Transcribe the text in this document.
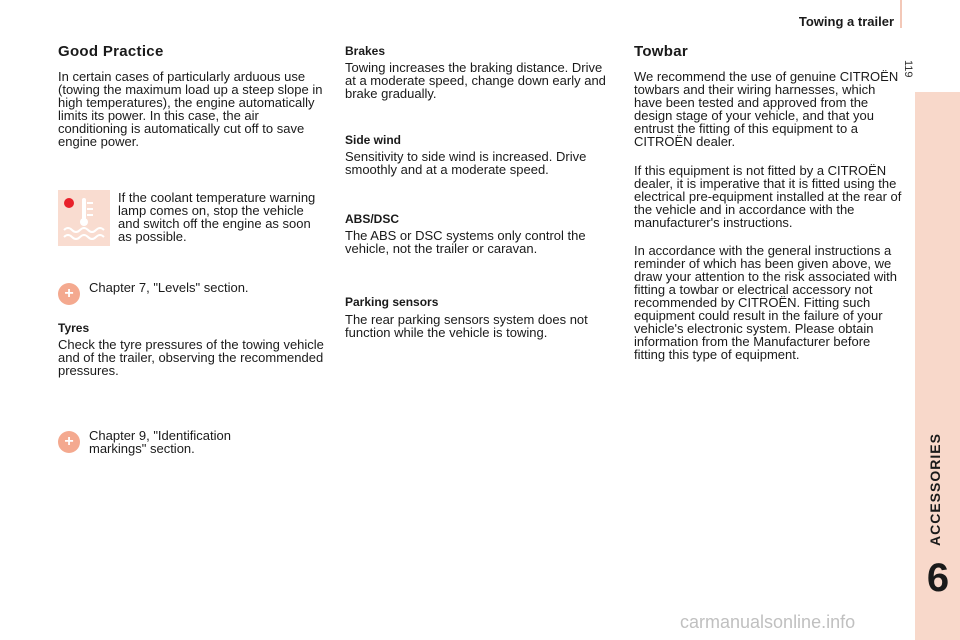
Towing a trailer
119
ACCESSORIES
6
Good Practice

In certain cases of particularly arduous use (towing the maximum load up a steep slope in high temperatures), the engine automatically limits its power. In this case, the air conditioning is automatically cut off to save engine power.

If the coolant temperature warning lamp comes on, stop the vehicle and switch off the engine as soon as possible.

+ Chapter 7, "Levels" section.

Tyres

Check the tyre pressures of the towing vehicle and of the trailer, observing the recommended pressures.

+ Chapter 9, "Identification markings" section.

Brakes

Towing increases the braking distance. Drive at a moderate speed, change down early and brake gradually.

Side wind

Sensitivity to side wind is increased. Drive smoothly and at a moderate speed.

ABS/DSC

The ABS or DSC systems only control the vehicle, not the trailer or caravan.

Parking sensors

The rear parking sensors system does not function while the vehicle is towing.

Towbar

We recommend the use of genuine CITROËN towbars and their wiring harnesses, which have been tested and approved from the design stage of your vehicle, and that you entrust the fitting of this equipment to a CITROËN dealer.

If this equipment is not fitted by a CITROËN dealer, it is imperative that it is fitted using the electrical pre-equipment installed at the rear of the vehicle and in accordance with the manufacturer's instructions.

In accordance with the general instructions a reminder of which has been given above, we draw your attention to the risk associated with fitting a towbar or electrical accessory not recommended by CITROËN. Fitting such equipment could result in the failure of your vehicle's electronic system. Please obtain information from the Manufacturer before fitting this type of equipment.

carmanualsonline.info
